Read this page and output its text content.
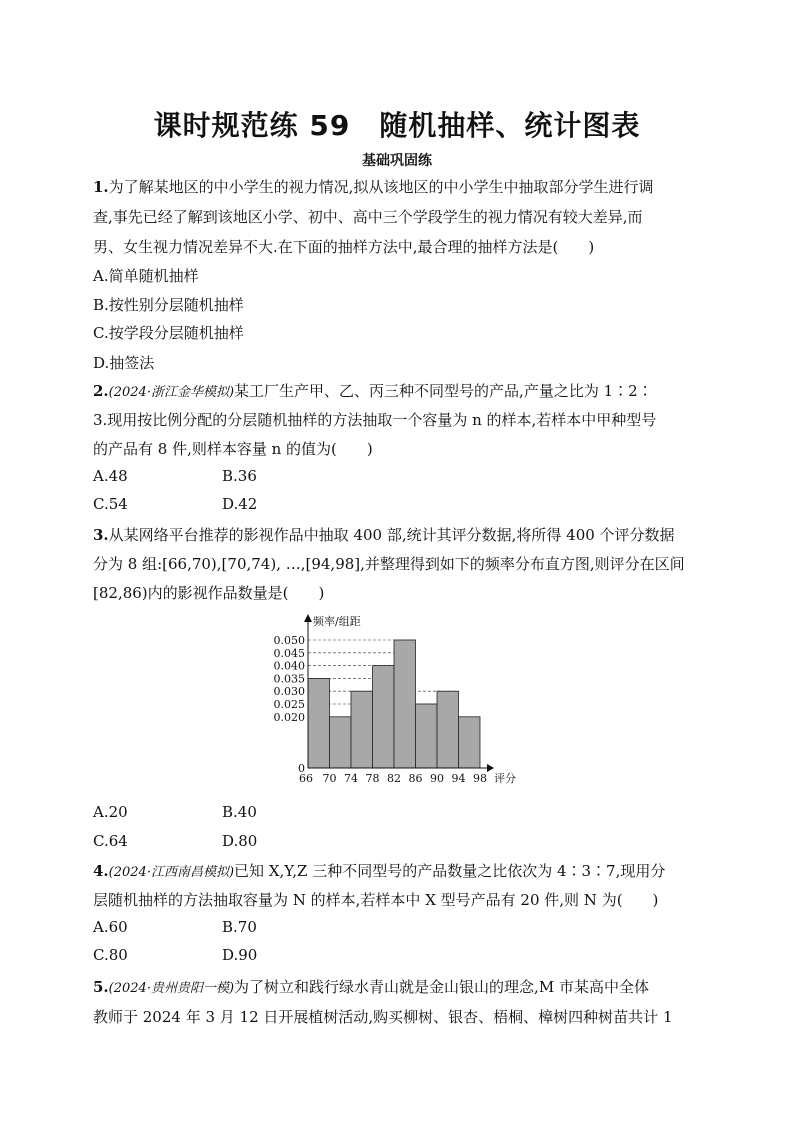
课时规范练 59　随机抽样、统计图表
基础巩固练
1.为了解某地区的中小学生的视力情况,拟从该地区的中小学生中抽取部分学生进行调
查,事先已经了解到该地区小学、初中、高中三个学段学生的视力情况有较大差异,而
男、女生视力情况差异不大.在下面的抽样方法中,最合理的抽样方法是(　　)
A.简单随机抽样
B.按性别分层随机抽样
C.按学段分层随机抽样
D.抽签法
2.(2024·浙江金华模拟)某工厂生产甲、乙、丙三种不同型号的产品,产量之比为 1∶2∶
3.现用按比例分配的分层随机抽样的方法抽取一个容量为 n 的样本,若样本中甲种型号
的产品有 8 件,则样本容量 n 的值为(　　)
A.48	B.36
C.54	D.42
3.从某网络平台推荐的影视作品中抽取 400 部,统计其评分数据,将所得 400 个评分数据
分为 8 组:[66,70),[70,74), …,[94,98],并整理得到如下的频率分布直方图,则评分在区间
[82,86)内的影视作品数量是(　　)
0.050
0.045
0.040
0.035
0.030
0.025
0.020
0
66 70 74 78 82 86 90 94 98
频率/组距
评分
A.20	B.40
C.64	D.80
4.(2024·江西南昌模拟)已知 X,Y,Z 三种不同型号的产品数量之比依次为 4∶3∶7,现用分
层随机抽样的方法抽取容量为 N 的样本,若样本中 X 型号产品有 20 件,则 N 为(　　)
A.60	B.70
C.80	D.90
5.(2024·贵州贵阳一模)为了树立和践行绿水青山就是金山银山的理念,M 市某高中全体
教师于 2024 年 3 月 12 日开展植树活动,购买柳树、银杏、梧桐、樟树四种树苗共计 1
